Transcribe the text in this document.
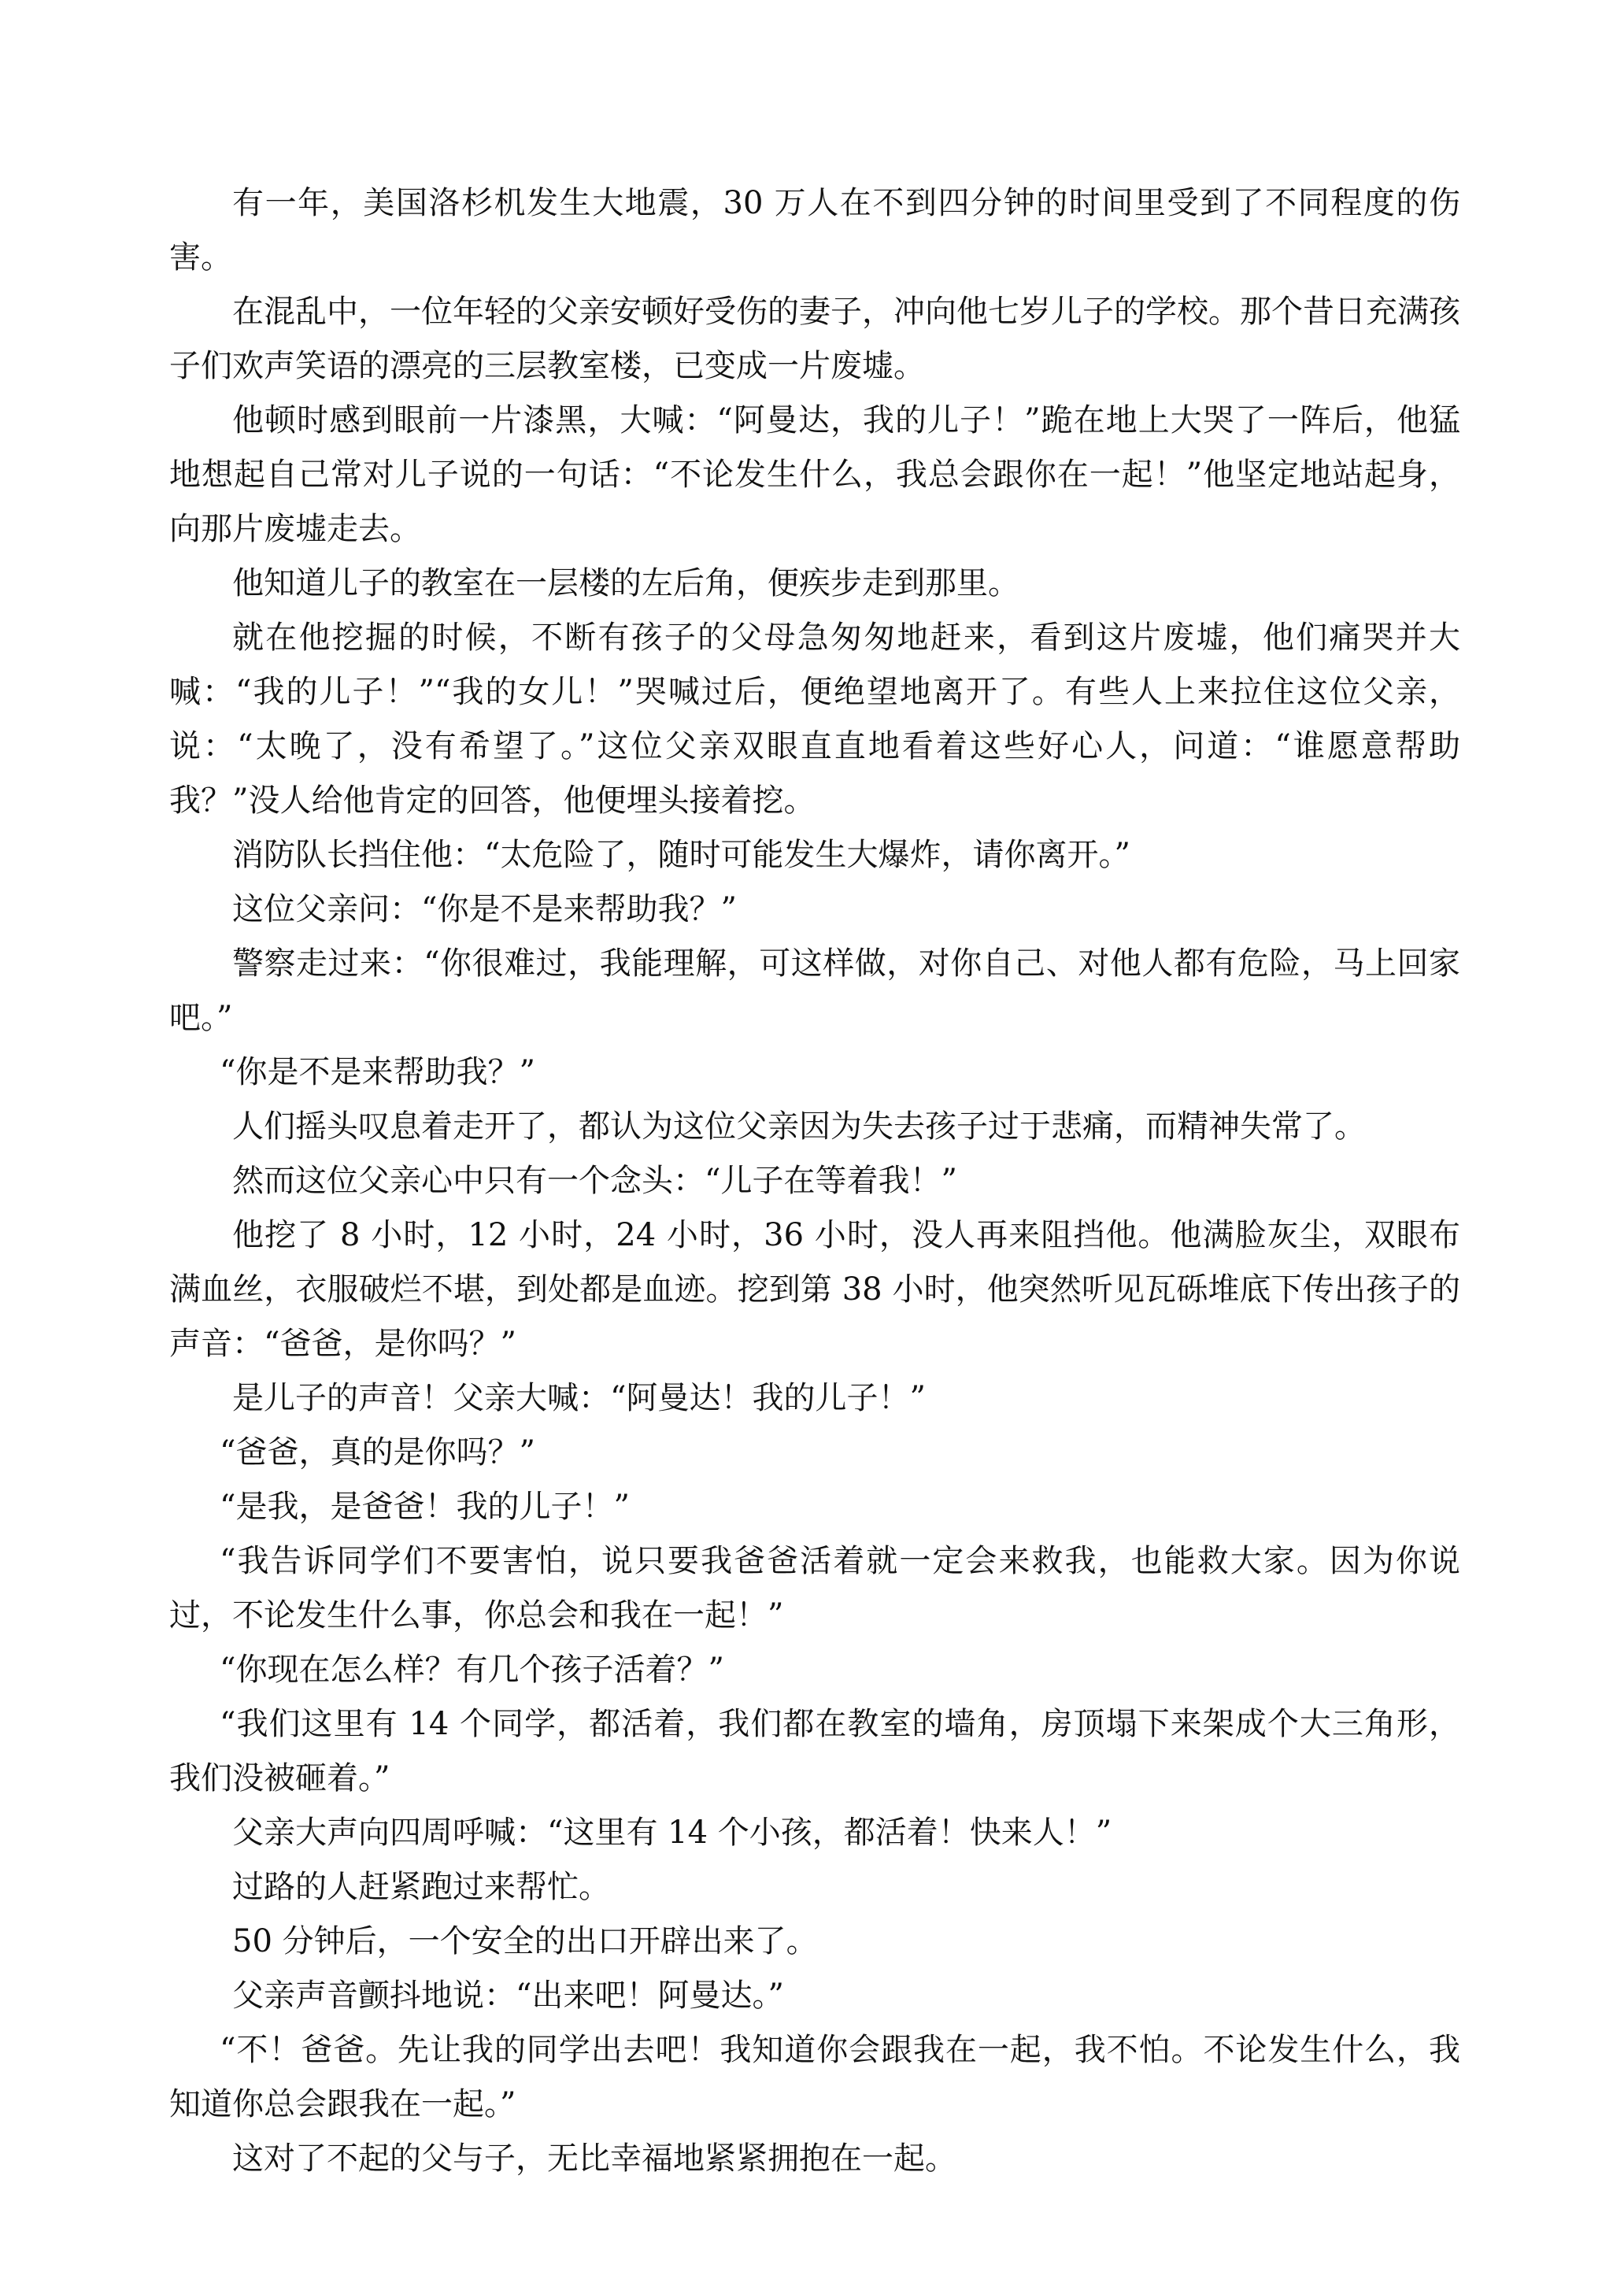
有一年，美国洛杉机发生大地震，30 万人在不到四分钟的时间里受到了不同程度的伤害。

在混乱中，一位年轻的父亲安顿好受伤的妻子，冲向他七岁儿子的学校。那个昔日充满孩子们欢声笑语的漂亮的三层教室楼，已变成一片废墟。

他顿时感到眼前一片漆黑，大喊：“阿曼达，我的儿子！”跪在地上大哭了一阵后，他猛地想起自己常对儿子说的一句话：“不论发生什么，我总会跟你在一起！”他坚定地站起身，向那片废墟走去。

他知道儿子的教室在一层楼的左后角，便疾步走到那里。

就在他挖掘的时候，不断有孩子的父母急匆匆地赶来，看到这片废墟，他们痛哭并大喊：“我的儿子！”“我的女儿！”哭喊过后，便绝望地离开了。有些人上来拉住这位父亲，说：“太晚了，没有希望了。”这位父亲双眼直直地看着这些好心人，问道：“谁愿意帮助我？”没人给他肯定的回答，他便埋头接着挖。

消防队长挡住他：“太危险了，随时可能发生大爆炸，请你离开。”

这位父亲问：“你是不是来帮助我？”

警察走过来：“你很难过，我能理解，可这样做，对你自己、对他人都有危险，马上回家吧。”

“你是不是来帮助我？”

人们摇头叹息着走开了，都认为这位父亲因为失去孩子过于悲痛，而精神失常了。

然而这位父亲心中只有一个念头：“儿子在等着我！”

他挖了 8 小时，12 小时，24 小时，36 小时，没人再来阻挡他。他满脸灰尘，双眼布满血丝，衣服破烂不堪，到处都是血迹。挖到第 38 小时，他突然听见瓦砾堆底下传出孩子的声音：“爸爸，是你吗？”

是儿子的声音！父亲大喊：“阿曼达！我的儿子！”

“爸爸，真的是你吗？”

“是我，是爸爸！我的儿子！”

“我告诉同学们不要害怕，说只要我爸爸活着就一定会来救我，也能救大家。因为你说过，不论发生什么事，你总会和我在一起！”

“你现在怎么样？有几个孩子活着？”

“我们这里有 14 个同学，都活着，我们都在教室的墙角，房顶塌下来架成个大三角形，我们没被砸着。”

父亲大声向四周呼喊：“这里有 14 个小孩，都活着！快来人！”

过路的人赶紧跑过来帮忙。

50 分钟后，一个安全的出口开辟出来了。

父亲声音颤抖地说：“出来吧！阿曼达。”

“不！爸爸。先让我的同学出去吧！我知道你会跟我在一起，我不怕。不论发生什么，我知道你总会跟我在一起。”

这对了不起的父与子，无比幸福地紧紧拥抱在一起。
